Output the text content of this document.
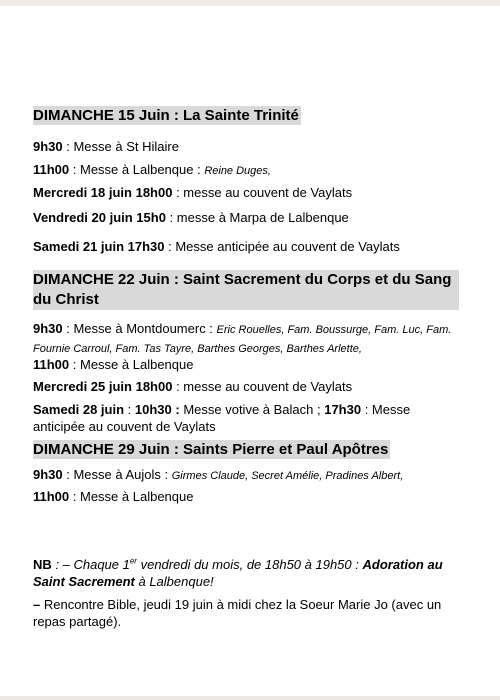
DIMANCHE 15 Juin : La Sainte Trinité
9h30 : Messe à St Hilaire
11h00 : Messe à Lalbenque : Reine Duges,
Mercredi 18 juin 18h00 : messe au couvent de Vaylats
Vendredi 20 juin 15h0 : messe à Marpa de Lalbenque
Samedi 21 juin 17h30 : Messe anticipée au couvent de Vaylats
DIMANCHE 22 Juin : Saint Sacrement du Corps et du Sang du Christ
9h30 : Messe à Montdoumerc : Eric Rouelles, Fam. Boussurge, Fam. Luc, Fam. Fournie Carroul, Fam. Tas Tayre, Barthes Georges, Barthes Arlette,
11h00 : Messe à Lalbenque
Mercredi 25 juin 18h00 : messe au couvent de Vaylats
Samedi 28 juin : 10h30 : Messe votive à Balach ; 17h30 : Messe anticipée au couvent de Vaylats
DIMANCHE 29 Juin : Saints Pierre et Paul Apôtres
9h30 : Messe à Aujols : Girmes Claude, Secret Amélie, Pradines Albert,
11h00 : Messe à Lalbenque
NB : – Chaque 1er vendredi du mois, de 18h50 à 19h50 : Adoration au Saint Sacrement à Lalbenque!
– Rencontre Bible, jeudi 19 juin à midi chez la Soeur Marie Jo (avec un repas partagé).
